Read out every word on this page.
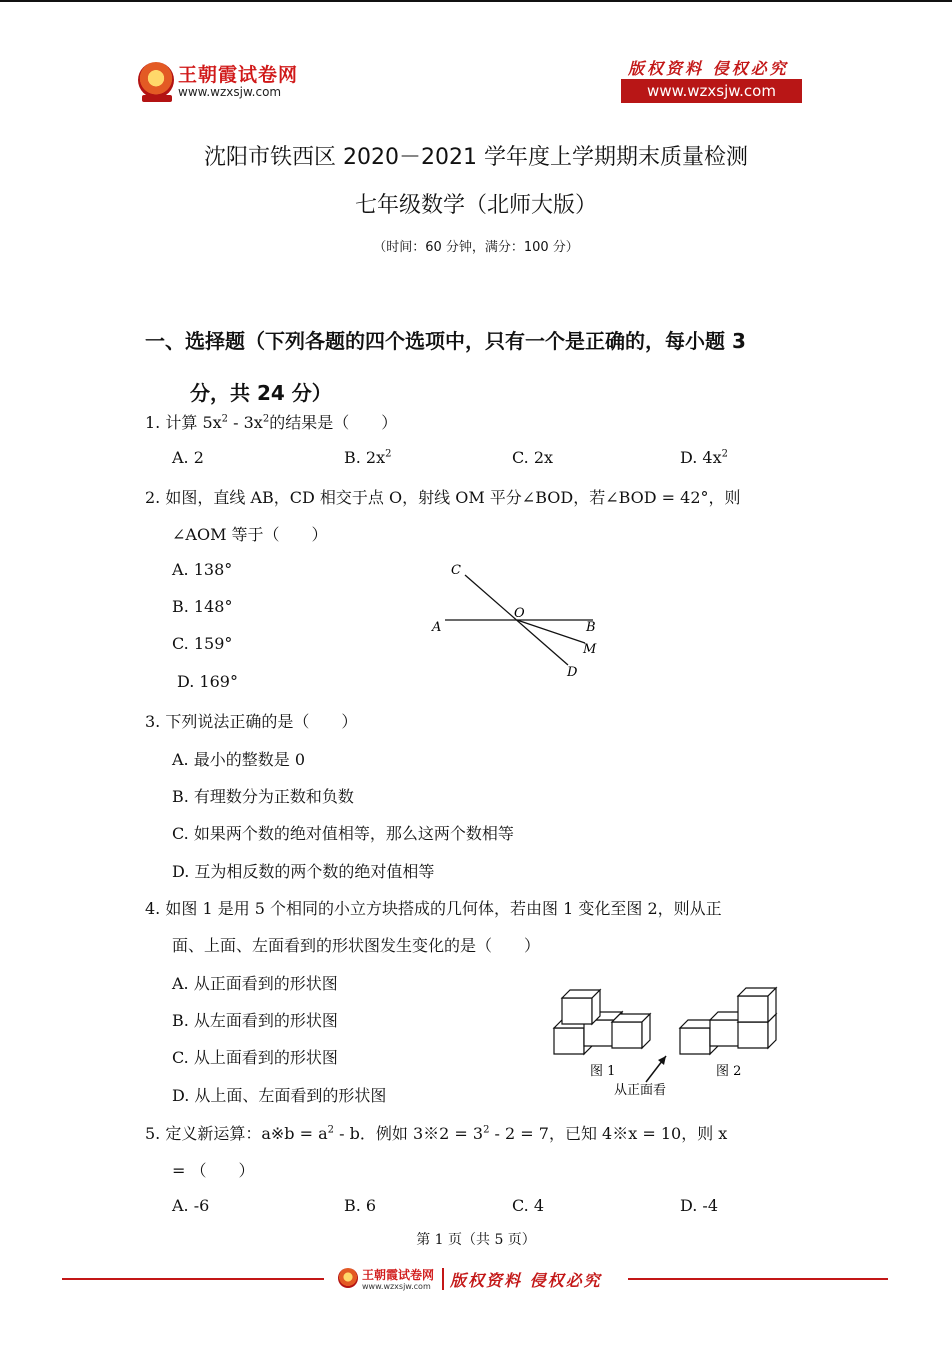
王朝霞试卷网
www.wzxsjw.com
版权资料 侵权必究
www.wzxsjw.com
沈阳市铁西区 2020－2021 学年度上学期期末质量检测
七年级数学（北师大版）
（时间：60 分钟，满分：100 分）
一、选择题（下列各题的四个选项中，只有一个是正确的，每小题 3
分，共 24 分）
1. 计算 $5x^2 - 3x^2$的结果是（　　）
A. 2	B. $2x^2$	C. 2x	D. $4x^2$
2. 如图，直线 AB，CD 相交于点 O，射线 OM 平分∠BOD，若∠BOD = 42°，则
∠AOM 等于（　　）
A. 138°
B. 148°
C. 159°
D. 169°
C
O
A	B
M
D
3. 下列说法正确的是（　　）
A. 最小的整数是 0
B. 有理数分为正数和负数
C. 如果两个数的绝对值相等，那么这两个数相等
D. 互为相反数的两个数的绝对值相等
4. 如图 1 是用 5 个相同的小立方块搭成的几何体，若由图 1 变化至图 2，则从正
面、上面、左面看到的形状图发生变化的是（　　）
A. 从正面看到的形状图
B. 从左面看到的形状图
C. 从上面看到的形状图
D. 从上面、左面看到的形状图
图 1	图 2
从正面看
5. 定义新运算：a※b = $a^2$ - b．例如 3※2 = $3^2 - 2 = 7$，已知 4※x = 10，则 x
= （　　）
A. -6	B. 6	C. 4	D. -4
第 1 页（共 5 页）
王朝霞试卷网
www.wzxsjw.com 版权资料 侵权必究
